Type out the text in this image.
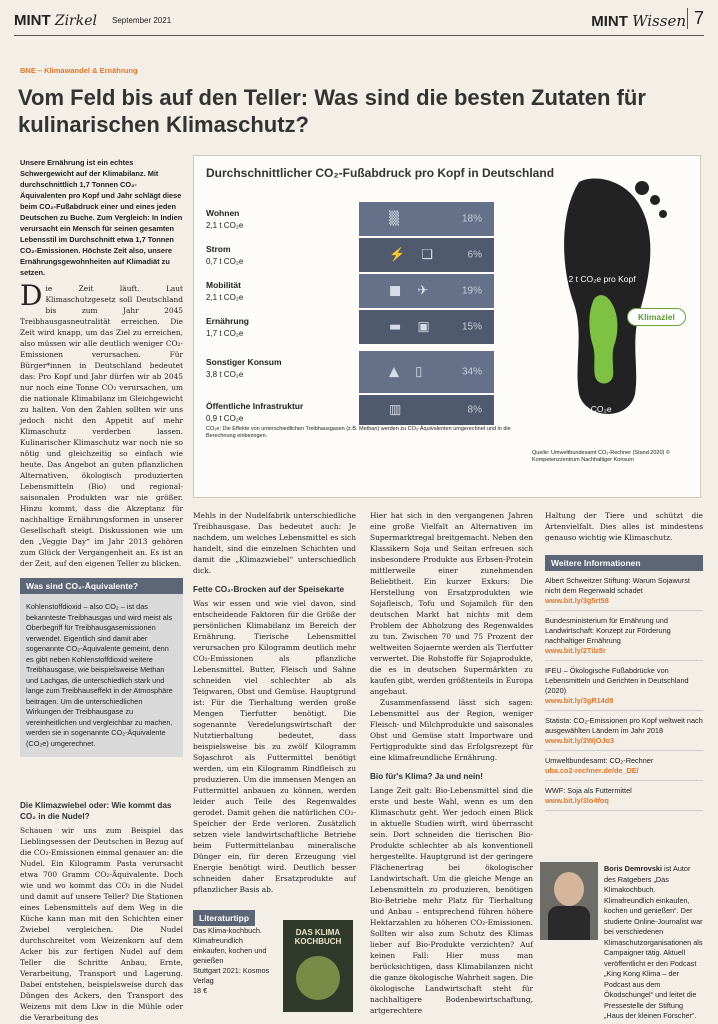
MINT Zirkel September 2021	MINT Wissen 7
BNE – Klimawandel & Ernährung
Vom Feld bis auf den Teller: Was sind die besten Zutaten für kulinarischen Klimaschutz?
Unsere Ernährung ist ein echtes Schwergewicht auf der Klimabilanz. Mit durchschnittlich 1,7 Tonnen CO₂-Äquivalenten pro Kopf und Jahr schlägt diese beim CO₂-Fußabdruck einer und eines jeden Deutschen zu Buche. Zum Vergleich: In Indien verursacht ein Mensch für seinen gesamten Lebensstil im Durchschnitt etwa 1,7 Tonnen CO₂-Emissionen. Höchste Zeit also, unsere Ernährungsgewohnheiten auf Klimadiät zu setzen.
Durchschnittlicher CO₂-Fußabdruck pro Kopf in Deutschland
Wohnen
2,1 t CO₂e	▒	18%
Strom
0,7 t CO₂e	⚡ ❑	6%
Mobilität
2,1 t CO₂e	■ ✈	19%
Ernährung
1,7 t CO₂e	▬ ▣	15%
Sonstiger Konsum
3,8 t CO₂e	▲ ▯	34%
Öffentliche Infrastruktur
0,9 t CO₂e
▥	8%
11,2 t CO₂e pro Kopf
Klimaziel
< 1t CO₂e
CO₂e: Die Effekte von unterschiedlichen Treibhausgasen (z.B. Methan) werden zu CO₂-Äquivalenten umgerechnet und in die Berechnung einbezogen.
Quelle: Umweltbundesamt CO₂-Rechner (Stand 2020) © Kompetenzzentrum Nachhaltiger Konsum
Die Zeit läuft. Laut Klimaschutzgesetz soll Deutschland bis zum Jahr 2045 Treibhausgasneutralität erreichen. Die Zeit wird knapp, um das Ziel zu erreichen, also müssen wir alle deutlich weniger CO₂-Emissionen verursachen. Für Bürger*innen in Deutschland bedeutet das: Pro Kopf und Jahr dürfen wir ab 2045 nur noch eine Tonne CO₂ verursachen, um die nationale Klimabilanz im Gleichgewicht zu halten. Von den Zahlen sollten wir uns jedoch nicht den Appetit auf mehr Klimaschutz verderben lassen. Kulinarischer Klimaschutz war noch nie so nötig und gleichzeitig so einfach wie heute. Das Angebot an guten pflanzlichen Alternativen, ökologisch produzierten Lebensmitteln (Bio) und regional-saisonalen Produkten war nie größer. Hinzu kommt, dass die Akzeptanz für nachhaltige Ernährungsformen in unserer Gesellschaft steigt. Diskussionen wie um den „Veggie Day“ im Jahr 2013 gehören zum Glück der Vergangenheit an. Es ist an der Zeit, auf den eigenen Teller zu blicken.
Was sind CO₂-Äquivalente?
Kohlenstoffdioxid – also CO₂ – ist das bekannteste Treibhausgas und wird meist als Oberbegriff für Treibhausgasemissionen verwendet. Eigentlich sind damit aber sogenannte CO₂-Äquivalente gemeint, denn es gibt neben Kohlenstoffdioxid weitere Treibhausgase, wie beispielsweise Methan und Lachgas, die unterschiedlich stark und lange zum Treibhauseffekt in der Atmosphäre beitragen. Um die unterschiedlichen Wirkungen der Treibhausgase zu vereinheitlichen und vergleichbar zu machen, werden sie in sogenannte CO₂-Äquivalente (CO₂e) umgerechnet.
Die Klimazwiebel oder: Wie kommt das CO₂ in die Nudel?
Schauen wir uns zum Beispiel das Lieblingsessen der Deutschen in Bezug auf die CO₂-Emissionen einmal genauer an: die Nudel. Ein Kilogramm Pasta verursacht etwa 700 Gramm CO₂-Äquivalente. Doch wie und wo kommt das CO₂ in die Nudel und damit auf unsere Teller? Die Stationen eines Lebensmittels auf dem Weg in die Küche kann man mit den Schichten einer Zwiebel vergleichen. Die Nudel durchschreitet vom Weizenkorn auf dem Acker bis zur fertigen Nudel auf dem Teller die Schritte Anbau, Ernte, Verarbeitung, Transport und Lagerung. Dabei entstehen, beispielsweise durch das Düngen des Ackers, den Transport des Weizens mit dem Lkw in die Mühle oder die Verarbeitung des
Mehls in der Nudelfabrik unterschiedliche Treibhausgase. Das bedeutet auch: Je nachdem, um welches Lebensmittel es sich handelt, sind die einzelnen Schichten und damit die „Klimazwiebel“ unterschiedlich dick.
Fette CO₂-Brocken auf der Speisekarte
Was wir essen und wie viel davon, sind entscheidende Faktoren für die Größe der persönlichen Klimabilanz im Bereich der Ernährung. Tierische Lebensmittel verursachen pro Kilogramm deutlich mehr CO₂-Emissionen als pflanzliche Lebensmittel. Butter, Fleisch und Sahne schneiden viel schlechter ab als Teigwaren, Obst und Gemüse. Hauptgrund ist: Für die Tierhaltung werden große Mengen Tierfutter benötigt. Die sogenannte Veredelungswirtschaft der Nutztierhaltung bedeutet, dass beispielsweise bis zu zwölf Kilogramm Sojaschrot als Futtermittel benötigt werden, um ein Kilogramm Rindfleisch zu produzieren. Um die immensen Mengen an Futtermittel anbauen zu können, werden leider auch Teile des Regenwaldes gerodet. Damit gehen die natürlichen CO₂-Speicher der Erde verloren. Zusätzlich setzen viele landwirtschaftliche Betriebe beim Futtermittelanbau mineralische Dünger ein, für deren Erzeugung viel Energie benötigt wird. Deutlich besser schneiden daher Ersatzprodukte auf pflanzlicher Basis ab.
Literaturtipp
Das Klima-kochbuch. Klimafreundlich einkaufen, kochen und genießen
Stuttgart 2021: Kosmos Verlag
18 €
DAS KLIMA KOCHBUCH
Hier hat sich in den vergangenen Jahren eine große Vielfalt an Alternativen im Supermarktregal breitgemacht. Neben den Klassikern Soja und Seitan erfreuen sich insbesondere Produkte aus Erbsen-Protein mittlerweile einer zunehmenden Beliebtheit. Ein kurzer Exkurs: Die Herstellung von Ersatzprodukten wie Sojafleisch, Tofu und Sojamilch für den deutschen Markt hat nichts mit dem Problem der Abholzung des Regenwaldes zu tun. Zwischen 70 und 75 Prozent der weltweiten Sojaernte werden als Tierfutter verwertet. Die Rohstoffe für Sojaprodukte, die es in deutschen Supermärkten zu kaufen gibt, werden größtenteils in Europa angebaut.
Zusammenfassend lässt sich sagen: Lebensmittel aus der Region, weniger Fleisch- und Milchprodukte und saisonales Obst und Gemüse statt Importware und Fertigprodukte sind das Erfolgsrezept für eine klimafreundliche Ernährung.
Bio für's Klima? Ja und nein!
Lange Zeit galt: Bio-Lebensmittel sind die erste und beste Wahl, wenn es um den Klimaschutz geht. Wer jedoch einen Blick in aktuelle Studien wirft, wird überrascht sein. Dort schneiden die tierischen Bio-Produkte schlechter ab als konventionell hergestellte. Hauptgrund ist der geringere Flächenertrag bei ökologischer Landwirtschaft. Um die gleiche Menge an Lebensmitteln zu produzieren, benötigen Bio-Betriebe mehr Platz für Tierhaltung und Anbau – entsprechend führen höhere Hektarzahlen zu höheren CO₂-Emissionen. Sollten wir also zum Schutz des Klimas lieber auf Bio-Produkte verzichten? Auf keinen Fall: Hier muss man berücksichtigen, dass Klimabilanzen nicht die ganze ökologische Wahrheit sagen. Die ökologische Landwirtschaft steht für nachhaltigere Bodenbewirtschaftung, artgerechtere
Haltung der Tiere und schützt die Artenvielfalt. Dies alles ist mindestens genauso wichtig wie Klimaschutz.
Weitere Informationen
Albert Schweitzer Stiftung: Warum Sojawurst nicht dem Regenwald schadet
www.bit.ly/3g5rt58
Bundesministerium für Ernährung und Landwirtschaft: Konzept zur Förderung nachhaltiger Ernährung
www.bit.ly/2Tilz8r
IFEU – Ökologische Fußabdrücke von Lebensmitteln und Gerichten in Deutschland (2020)
www.bit.ly/3gR14d8
Statista: CO₂-Emissionen pro Kopf weltweit nach ausgewählten Ländern im Jahr 2018
www.bit.ly/2WjOJo3
Umweltbundesamt: CO₂-Rechner
uba.co2-rechner.de/de_DE/
WWF: Soja als Futtermittel
www.bit.ly/3lo4foq
Boris Demrovski ist Autor des Ratgebers „Das Klimakochbuch. Klimafreundlich einkaufen, kochen und genießen“. Der studierte Online-Journalist war bei verschiedenen Klimaschutzorganisationen als Campaigner tätig. Aktuell veröffentlicht er den Podcast „King Kong Klima – der Podcast aus dem Ökodschungel“ und leitet die Pressestelle der Stiftung „Haus der kleinen Forscher“.
